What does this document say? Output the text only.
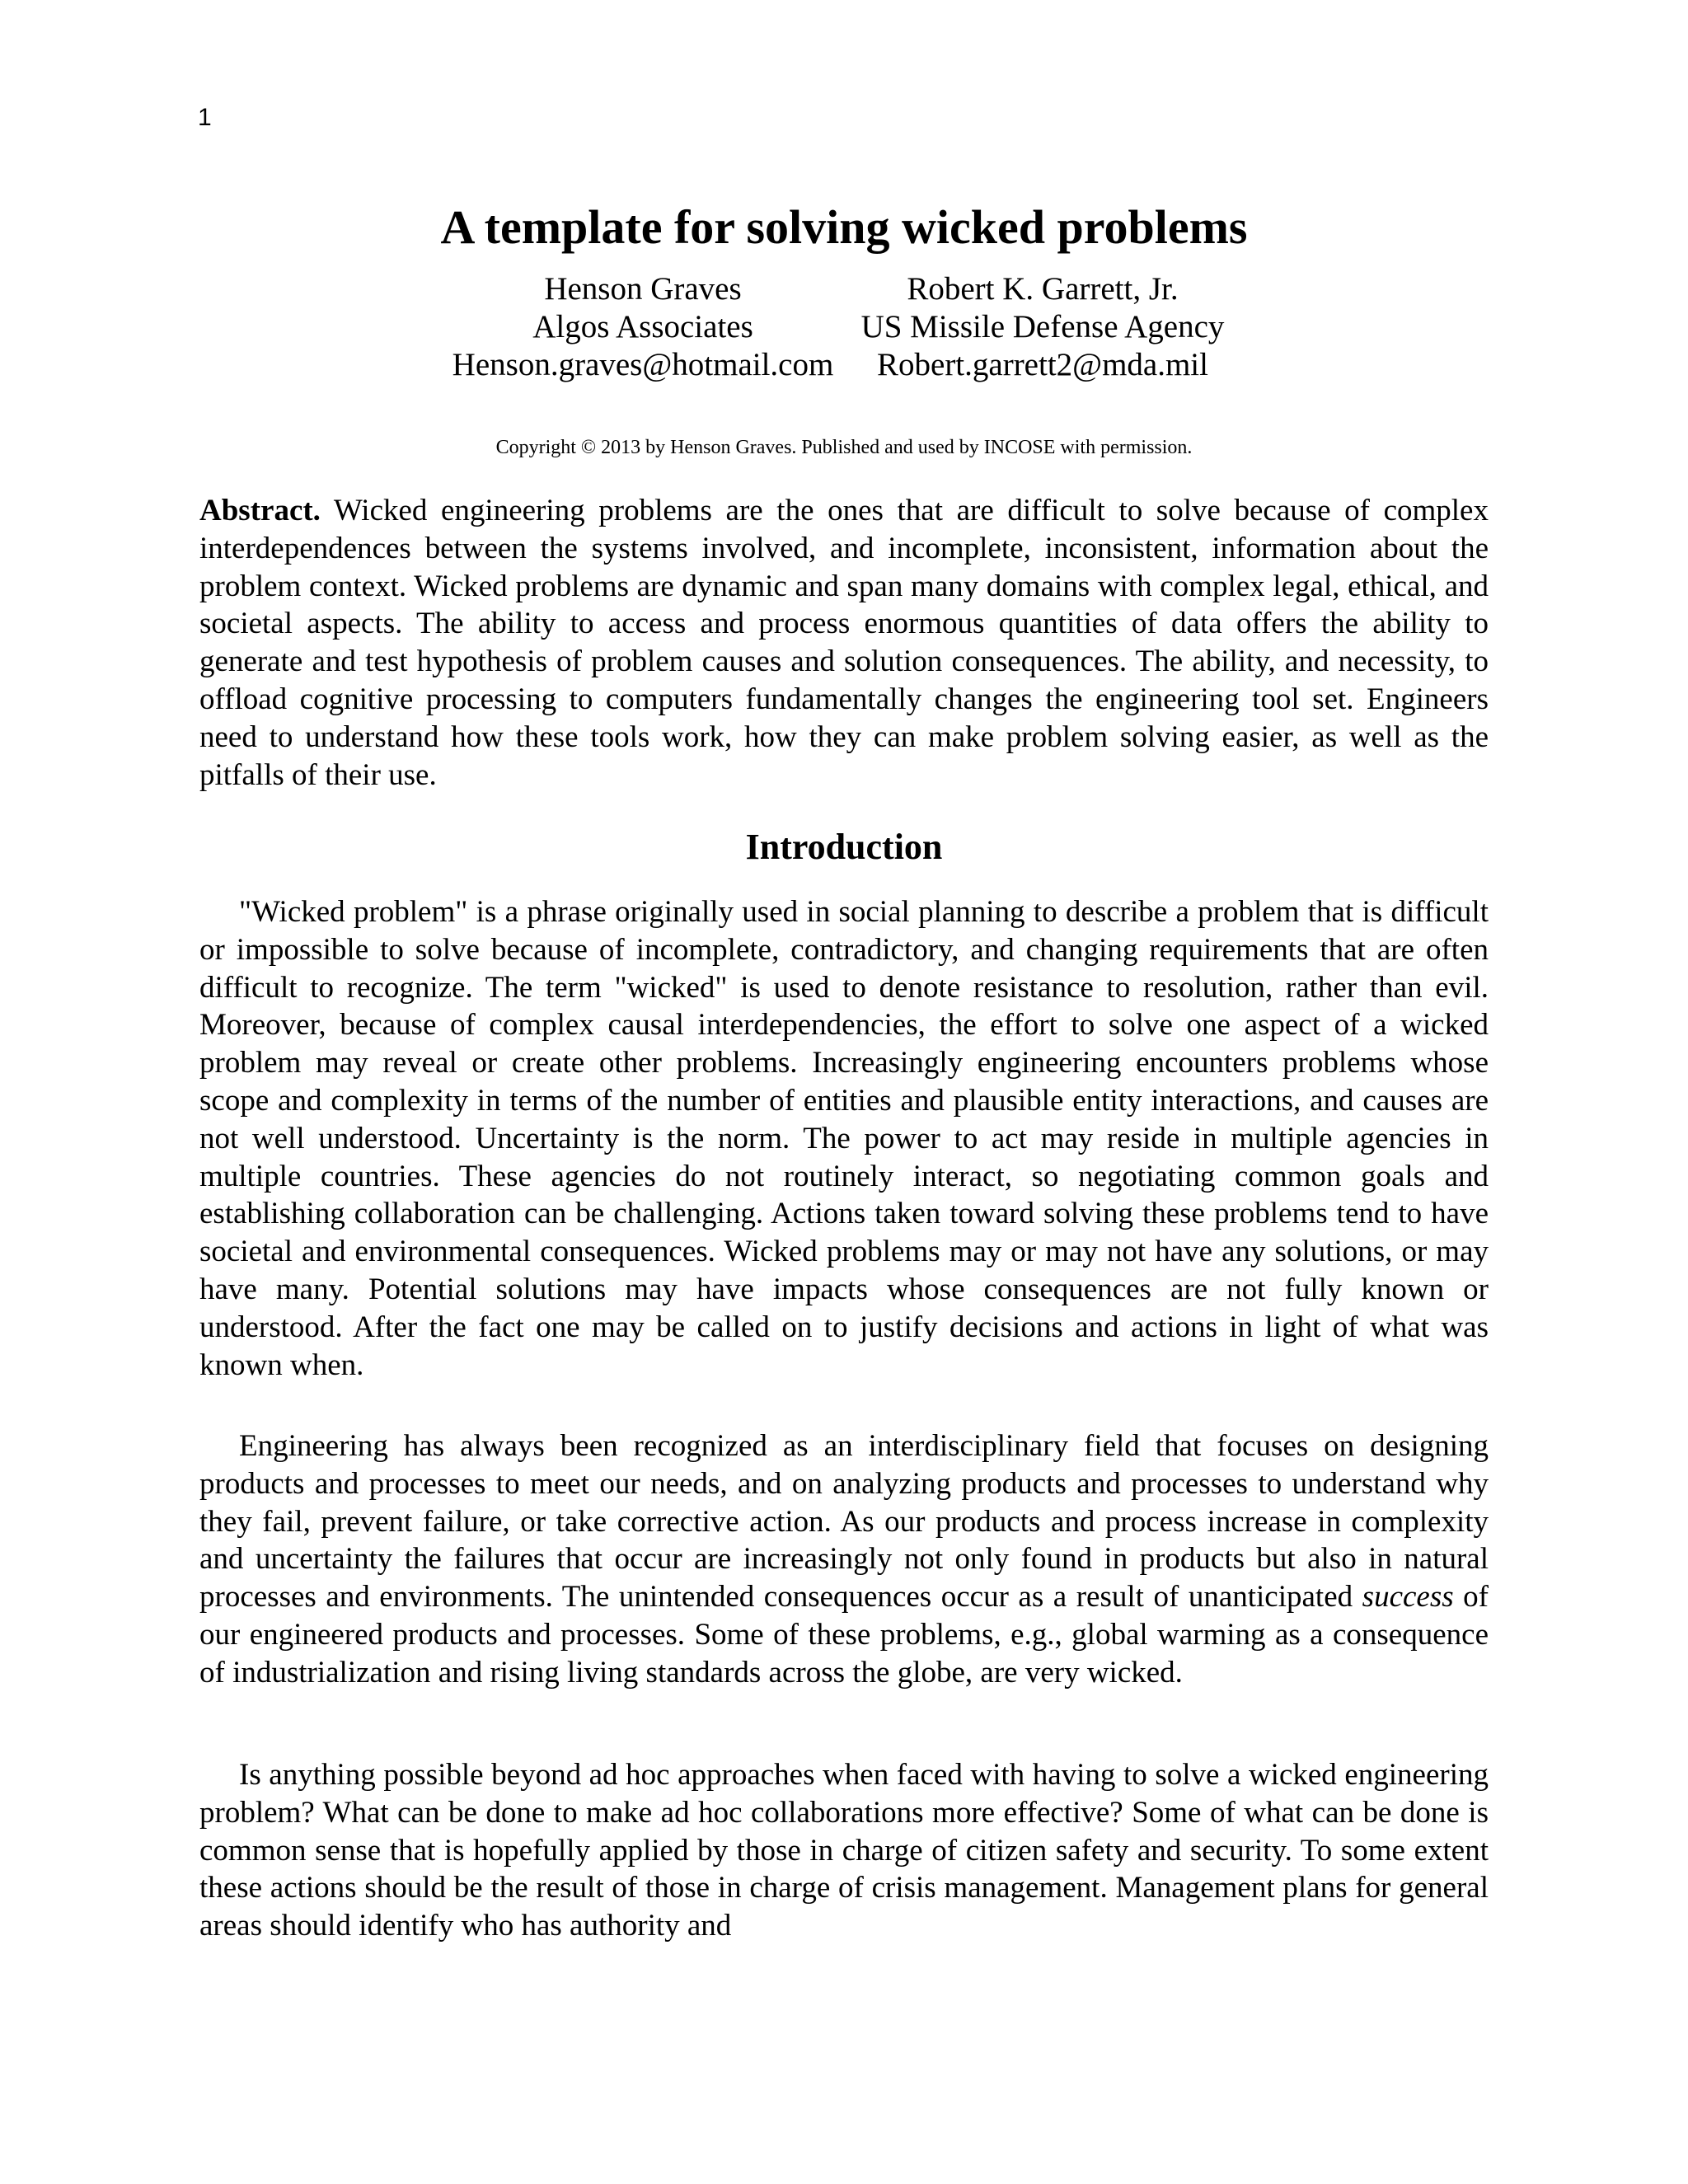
1
A template for solving wicked problems
Henson Graves
Algos Associates
Henson.graves@hotmail.com
Robert K. Garrett, Jr.
US Missile Defense Agency
Robert.garrett2@mda.mil
Copyright © 2013 by Henson Graves. Published and used by INCOSE with permission.

Abstract. Wicked engineering problems are the ones that are difficult to solve because of complex interdependences between the systems involved, and incomplete, inconsistent, information about the problem context. Wicked problems are dynamic and span many domains with complex legal, ethical, and societal aspects. The ability to access and process enormous quantities of data offers the ability to generate and test hypothesis of problem causes and solution consequences. The ability, and necessity, to offload cognitive processing to computers fundamentally changes the engineering tool set. Engineers need to understand how these tools work, how they can make problem solving easier, as well as the pitfalls of their use.

Introduction

"Wicked problem" is a phrase originally used in social planning to describe a problem that is difficult or impossible to solve because of incomplete, contradictory, and changing requirements that are often difficult to recognize. The term "wicked" is used to denote resistance to resolution, rather than evil. Moreover, because of complex causal interdependencies, the effort to solve one aspect of a wicked problem may reveal or create other problems. Increasingly engineering encounters problems whose scope and complexity in terms of the number of entities and plausible entity interactions, and causes are not well understood. Uncertainty is the norm. The power to act may reside in multiple agencies in multiple countries. These agencies do not routinely interact, so negotiating common goals and establishing collaboration can be challenging. Actions taken toward solving these problems tend to have societal and environmental consequences. Wicked problems may or may not have any solutions, or may have many. Potential solutions may have impacts whose consequences are not fully known or understood. After the fact one may be called on to justify decisions and actions in light of what was known when.

Engineering has always been recognized as an interdisciplinary field that focuses on designing products and processes to meet our needs, and on analyzing products and processes to understand why they fail, prevent failure, or take corrective action. As our products and process increase in complexity and uncertainty the failures that occur are increasingly not only found in products but also in natural processes and environments. The unintended consequences occur as a result of unanticipated success of our engineered products and processes. Some of these problems, e.g., global warming as a consequence of industrialization and rising living standards across the globe, are very wicked.

Is anything possible beyond ad hoc approaches when faced with having to solve a wicked engineering problem? What can be done to make ad hoc collaborations more effective? Some of what can be done is common sense that is hopefully applied by those in charge of citizen safety and security. To some extent these actions should be the result of those in charge of crisis management. Management plans for general areas should identify who has authority and
